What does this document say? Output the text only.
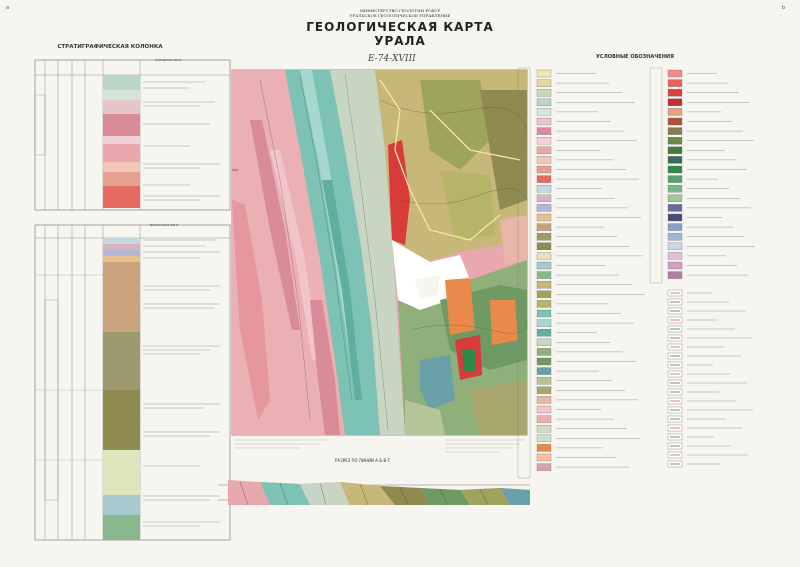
a	b
МИНИСТЕРСТВО ГЕОЛОГИИ РСФСР
УРАЛЬСКОЕ ГЕОЛОГИЧЕСКОЕ УПРАВЛЕНИЕ
ГЕОЛОГИЧЕСКАЯ КАРТА УРАЛА
СТРАТИГРАФИЧЕСКАЯ КОЛОНКА
ЗАПАДНАЯ ЗОНА
ВОСТОЧНАЯ ЗОНА
УСЛОВНЫЕ ОБОЗНАЧЕНИЯ
Е-74-XVIII
РАЗРЕЗ ПО ЛИНИИ А-Б-В-Г
